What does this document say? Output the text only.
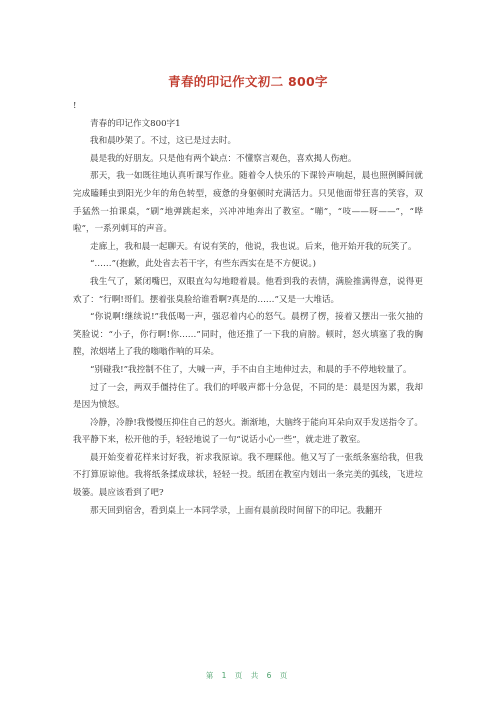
青春的印记作文初二 800字

!

青春的印记作文800字1

我和晨吵架了。不过，这已是过去时。

晨是我的好朋友。只是他有两个缺点：不懂察言观色，喜欢揭人伤疤。

那天，我一如既往地认真听课写作业。随着令人快乐的下课铃声响起，晨也照例瞬间就完成瞌睡虫到阳光少年的角色转型，疲惫的身躯顿时充满活力。只见他面带狂喜的笑容，双手猛然一拍课桌，“刷”地弹跳起来，兴冲冲地奔出了教室。“嘣”，“吱——呀——”，“哗啦”，一系列刺耳的声音。

走廊上，我和晨一起聊天。有说有笑的，他说，我也说。后来，他开始开我的玩笑了。

“……”(抱歉，此处省去若干字，有些东西实在是不方便说。)

我生气了，紧闭嘴巴，双眼直勾勾地瞪着晨。他看到我的表情，满脸推满得意，说得更欢了：“行啊!哥们。摆着张臭脸给谁看啊?真是的……”又是一大堆话。

“你说啊!继续说!”我低喝一声，强忍着内心的怒气。晨楞了楞，接着又摆出一张欠抽的笑脸说：“小子，你行啊!你……”同时，他还推了一下我的肩膀。顿时，怒火填塞了我的胸膛，浓烟堵上了我的嗡嗡作响的耳朵。

“别碰我!”我控制不住了，大喊一声，手不由自主地伸过去，和晨的手不停地较量了。

过了一会，两双手僵持住了。我们的呼吸声都十分急促，不同的是：晨是因为累，我却是因为愤怒。

冷静，冷静!我慢慢压抑住自己的怒火。渐渐地，大脑终于能向耳朵向双手发送指令了。我平静下来，松开他的手，轻轻地说了一句“说话小心一些”，就走进了教室。

晨开始变着花样来讨好我，祈求我原谅。我不理睬他。他又写了一张纸条塞给我，但我不打算原谅他。我将纸条揉成球状，轻轻一投。纸团在教室内划出一条完美的弧线，飞进垃圾篓。晨应该看到了吧?

那天回到宿舍，看到桌上一本同学录，上面有晨前段时间留下的印记。我翻开

第 1 页 共 6 页
